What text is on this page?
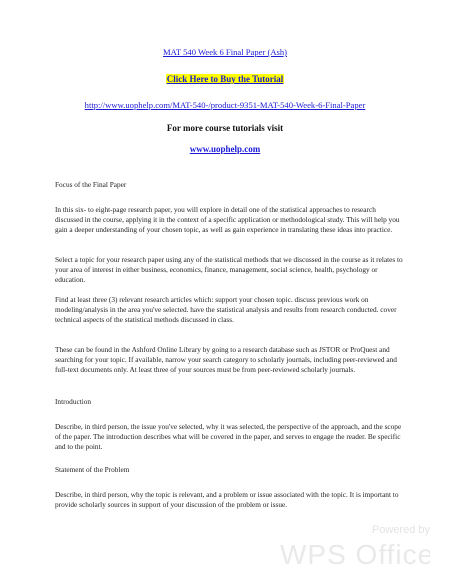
MAT 540 Week 6 Final Paper (Ash)
Click Here to Buy the Tutorial
http://www.uophelp.com/MAT-540-/product-9351-MAT-540-Week-6-Final-Paper
For more course tutorials visit
www.uophelp.com

Focus of the Final Paper

In this six- to eight-page research paper, you will explore in detail one of the statistical approaches to research discussed in the course, applying it in the context of a specific application or methodological study. This will help you gain a deeper understanding of your chosen topic, as well as gain experience in translating these ideas into practice.

Select a topic for your research paper using any of the statistical methods that we discussed in the course as it relates to your area of interest in either business, economics, finance, management, social science, health, psychology or education.

Find at least three (3) relevant research articles which: support your chosen topic. discuss previous work on modeling/analysis in the area you've selected. have the statistical analysis and results from research conducted. cover technical aspects of the statistical methods discussed in class.

These can be found in the Ashford Online Library by going to a research database such as JSTOR or ProQuest and searching for your topic. If available, narrow your search category to scholarly journals, including peer-reviewed and full-text documents only. At least three of your sources must be from peer-reviewed scholarly journals.

Introduction

Describe, in third person, the issue you've selected, why it was selected, the perspective of the approach, and the scope of the paper. The introduction describes what will be covered in the paper, and serves to engage the reader. Be specific and to the point.

Statement of the Problem

Describe, in third person, why the topic is relevant, and a problem or issue associated with the topic. It is important to provide scholarly sources in support of your discussion of the problem or issue.

Powered by
WPS Office
